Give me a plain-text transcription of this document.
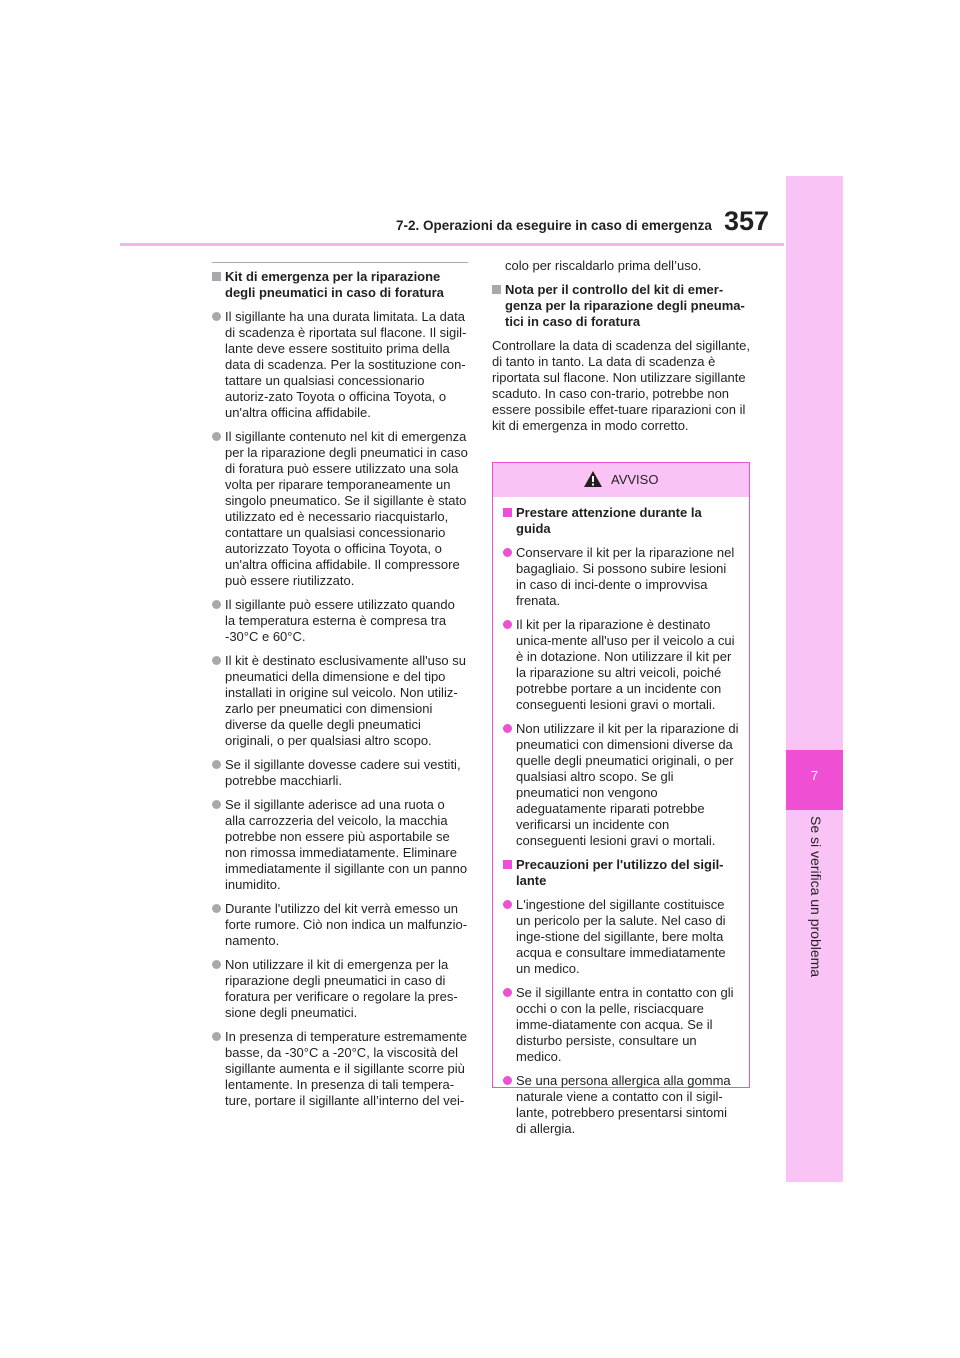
7-2. Operazioni da eseguire in caso di emergenza 357
7
Se si verifica un problema
Kit di emergenza per la riparazione degli pneumatici in caso di foratura
Il sigillante ha una durata limitata. La data di scadenza è riportata sul flacone. Il sigil-lante deve essere sostituito prima della data di scadenza. Per la sostituzione con-tattare un qualsiasi concessionario autoriz-zato Toyota o officina Toyota, o un'altra officina affidabile.
Il sigillante contenuto nel kit di emergenza per la riparazione degli pneumatici in caso di foratura può essere utilizzato una sola volta per riparare temporaneamente un singolo pneumatico. Se il sigillante è stato utilizzato ed è necessario riacquistarlo, contattare un qualsiasi concessionario autorizzato Toyota o officina Toyota, o un'altra officina affidabile. Il compressore può essere riutilizzato.
Il sigillante può essere utilizzato quando la temperatura esterna è compresa tra -30°C e 60°C.
Il kit è destinato esclusivamente all'uso su pneumatici della dimensione e del tipo installati in origine sul veicolo. Non utiliz-zarlo per pneumatici con dimensioni diverse da quelle degli pneumatici originali, o per qualsiasi altro scopo.
Se il sigillante dovesse cadere sui vestiti, potrebbe macchiarli.
Se il sigillante aderisce ad una ruota o alla carrozzeria del veicolo, la macchia potrebbe non essere più asportabile se non rimossa immediatamente. Eliminare immediatamente il sigillante con un panno inumidito.
Durante l'utilizzo del kit verrà emesso un forte rumore. Ciò non indica un malfunzio-namento.
Non utilizzare il kit di emergenza per la riparazione degli pneumatici in caso di foratura per verificare o regolare la pres-sione degli pneumatici.
In presenza di temperature estremamente basse, da -30°C a -20°C, la viscosità del sigillante aumenta e il sigillante scorre più lentamente. In presenza di tali tempera-ture, portare il sigillante all’interno del vei-
colo per riscaldarlo prima dell’uso.
Nota per il controllo del kit di emer-genza per la riparazione degli pneuma-tici in caso di foratura
Controllare la data di scadenza del sigillante, di tanto in tanto. La data di scadenza è riportata sul flacone. Non utilizzare sigillante scaduto. In caso con-trario, potrebbe non essere possibile effet-tuare riparazioni con il kit di emergenza in modo corretto.
AVVISO
Prestare attenzione durante la guida
Conservare il kit per la riparazione nel bagagliaio. Si possono subire lesioni in caso di inci-dente o improvvisa frenata.
Il kit per la riparazione è destinato unica-mente all'uso per il veicolo a cui è in dotazione. Non utilizzare il kit per la riparazione su altri veicoli, poiché potrebbe portare a un incidente con conseguenti lesioni gravi o mortali.
Non utilizzare il kit per la riparazione di pneumatici con dimensioni diverse da quelle degli pneumatici originali, o per qualsiasi altro scopo. Se gli pneumatici non vengono adeguatamente riparati potrebbe verificarsi un incidente con conseguenti lesioni gravi o mortali.
Precauzioni per l'utilizzo del sigil-lante
L'ingestione del sigillante costituisce un pericolo per la salute. Nel caso di inge-stione del sigillante, bere molta acqua e consultare immediatamente un medico.
Se il sigillante entra in contatto con gli occhi o con la pelle, risciacquare imme-diatamente con acqua. Se il disturbo persiste, consultare un medico.
Se una persona allergica alla gomma naturale viene a contatto con il sigil-lante, potrebbero presentarsi sintomi di allergia.
